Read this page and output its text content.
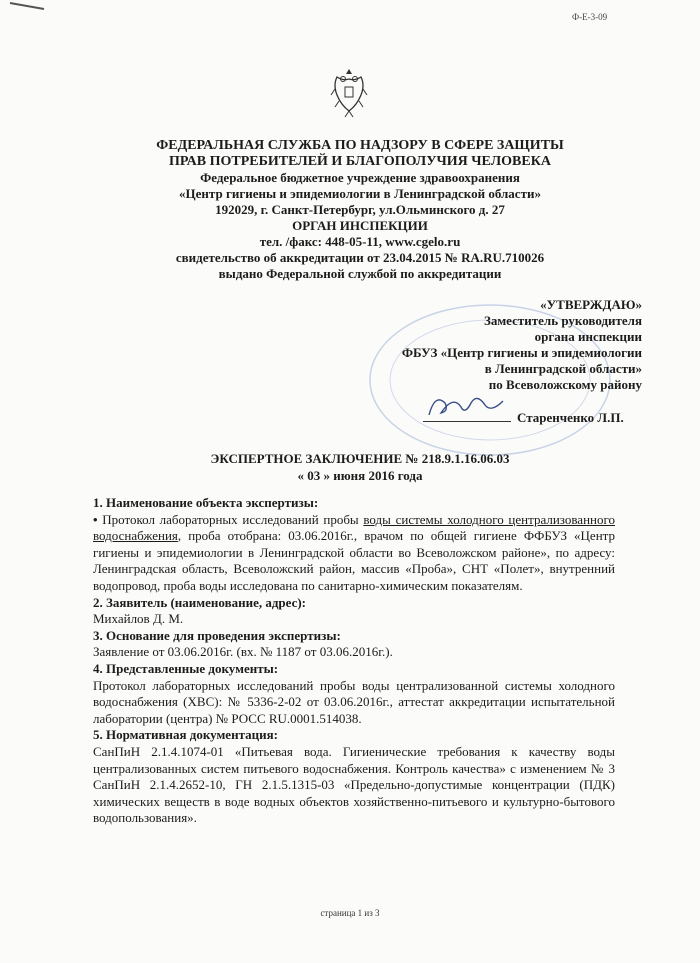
Ф-Е-3-09
ФЕДЕРАЛЬНАЯ СЛУЖБА ПО НАДЗОРУ В СФЕРЕ ЗАЩИТЫ
ПРАВ ПОТРЕБИТЕЛЕЙ И БЛАГОПОЛУЧИЯ ЧЕЛОВЕКА
Федеральное бюджетное учреждение здравоохранения
«Центр гигиены и эпидемиологии в Ленинградской области»
192029, г. Санкт-Петербург, ул.Ольминского д. 27
ОРГАН ИНСПЕКЦИИ
тел. /факс: 448-05-11, www.cgelo.ru
свидетельство об аккредитации от 23.04.2015 № RA.RU.710026
выдано Федеральной службой по аккредитации
«УТВЕРЖДАЮ»
Заместитель руководителя
органа инспекции
ФБУЗ «Центр гигиены и эпидемиологии
в Ленинградской области»
по Всеволожскому району
Старенченко Л.П.
ЭКСПЕРТНОЕ ЗАКЛЮЧЕНИЕ № 218.9.1.16.06.03
« 03 » июня 2016 года

1. Наименование объекта экспертизы:

• Протокол лабораторных исследований пробы воды системы холодного централизованного водоснабжения, проба отобрана: 03.06.2016г., врачом по общей гигиене ФФБУЗ «Центр гигиены и эпидемиологии в Ленинградской области во Всеволожском районе», по адресу: Ленинградская область, Всеволожский район, массив «Проба», СНТ «Полет», внутренний водопровод, проба воды исследована по санитарно-химическим показателям.

2. Заявитель (наименование, адрес):

Михайлов Д. М.

3. Основание для проведения экспертизы:

Заявление от 03.06.2016г. (вх. № 1187 от 03.06.2016г.).

4. Представленные документы:

Протокол лабораторных исследований пробы воды централизованной системы холодного водоснабжения (ХВС): № 5336-2-02 от 03.06.2016г., аттестат аккредитации испытательной лаборатории (центра) № РОСС RU.0001.514038.

5. Нормативная документация:

СанПиН 2.1.4.1074-01 «Питьевая вода. Гигиенические требования к качеству воды централизованных систем питьевого водоснабжения. Контроль качества» с изменением № 3 СанПиН 2.1.4.2652-10, ГН 2.1.5.1315-03 «Предельно-допустимые концентрации (ПДК) химических веществ в воде водных объектов хозяйственно-питьевого и культурно-бытового водопользования».

страница 1 из 3
